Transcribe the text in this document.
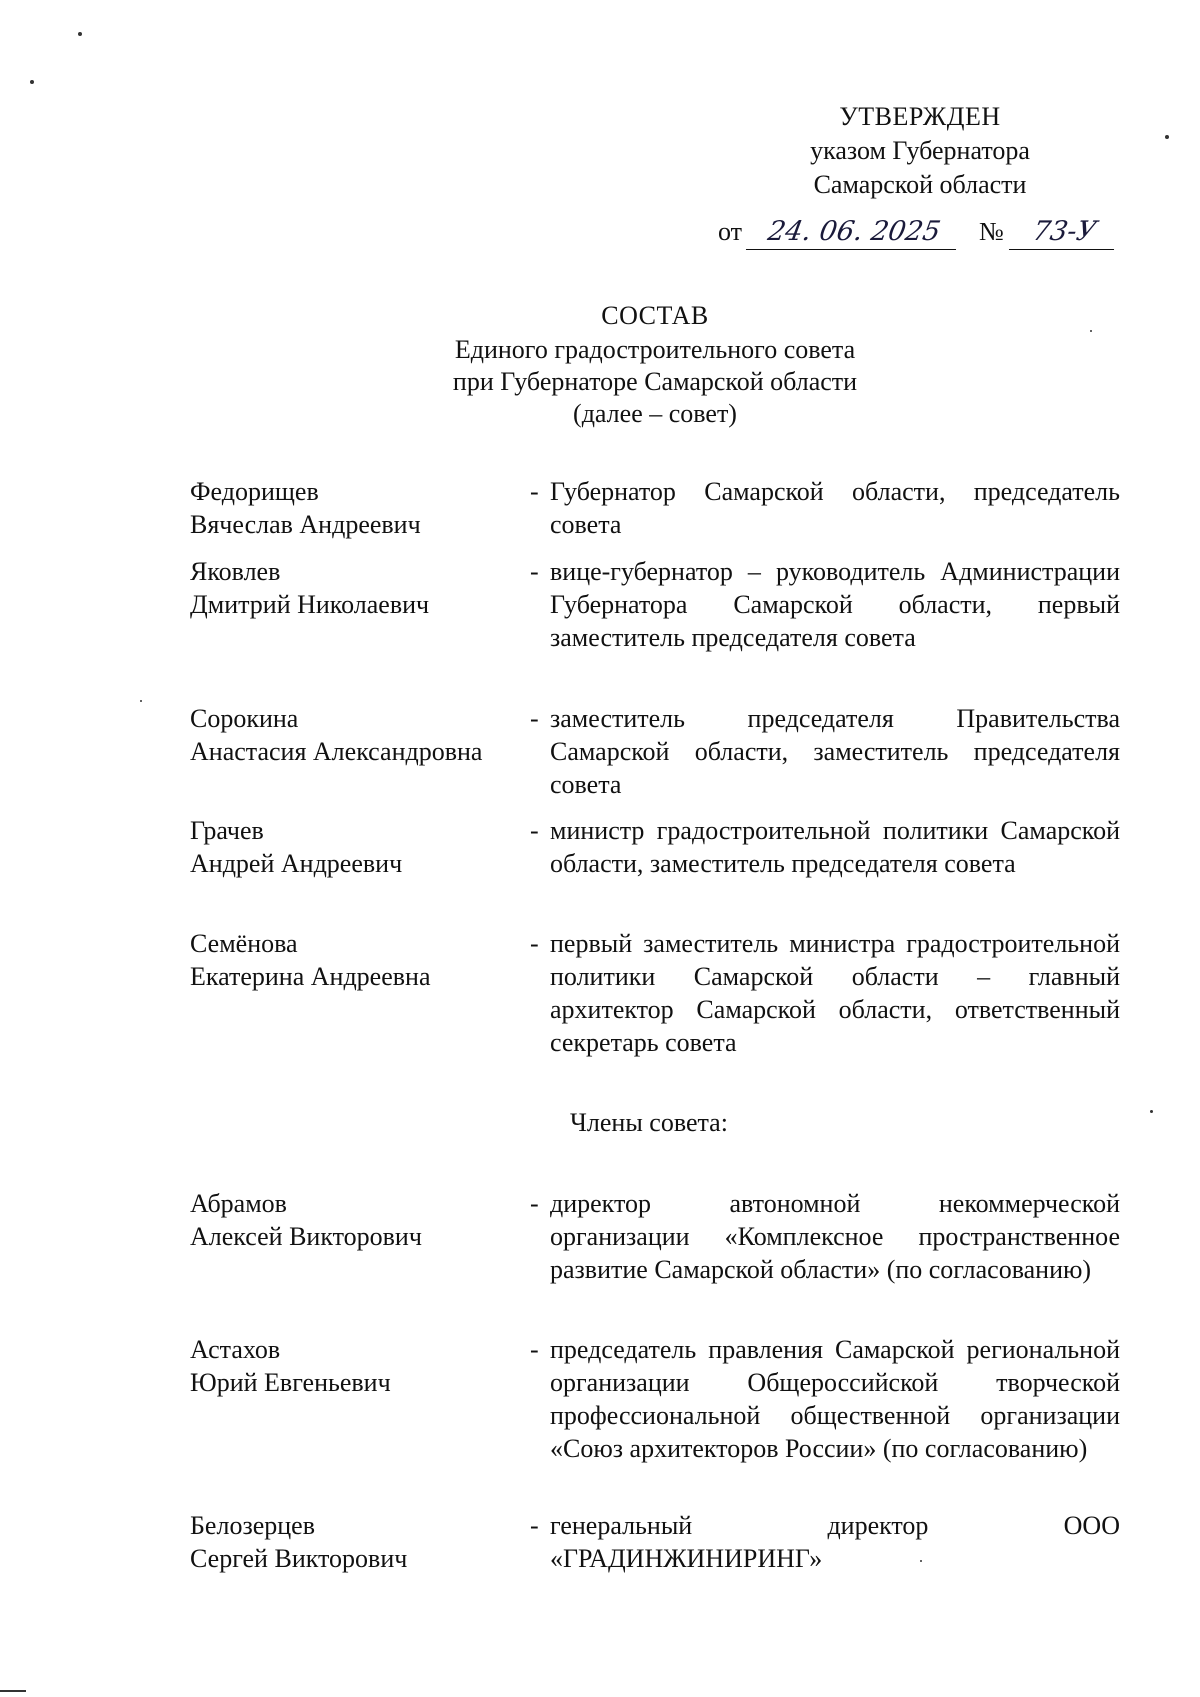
УТВЕРЖДЕН
указом Губернатора
Самарской области
от 24. 06. 2025 № 73-У
СОСТАВ
Единого градостроительного совета
при Губернаторе Самарской области
(далее – совет)
Федорищев
Вячеслав Андреевич
- Губернатор Самарской области, председатель совета
Яковлев
Дмитрий Николаевич
- вице-губернатор – руководитель Администрации Губернатора Самарской области, первый заместитель председателя совета
Сорокина
Анастасия Александровна
- заместитель председателя Правительства Самарской области, заместитель председателя совета
Грачев
Андрей Андреевич
- министр градостроительной политики Самарской области, заместитель председателя совета
Семёнова
Екатерина Андреевна
- первый заместитель министра градостроительной политики Самарской области – главный архитектор Самарской области, ответственный секретарь совета
Абрамов
Алексей Викторович
- директор автономной некоммерческой организации «Комплексное пространственное развитие Самарской области» (по согласованию)
Астахов
Юрий Евгеньевич
- председатель правления Самарской региональной организации Общероссийской творческой профессиональной общественной организации «Союз архитекторов России» (по согласованию)
Белозерцев
Сергей Викторович
- генеральный директор ООО «ГРАДИНЖИНИРИНГ»
Члены совета:
